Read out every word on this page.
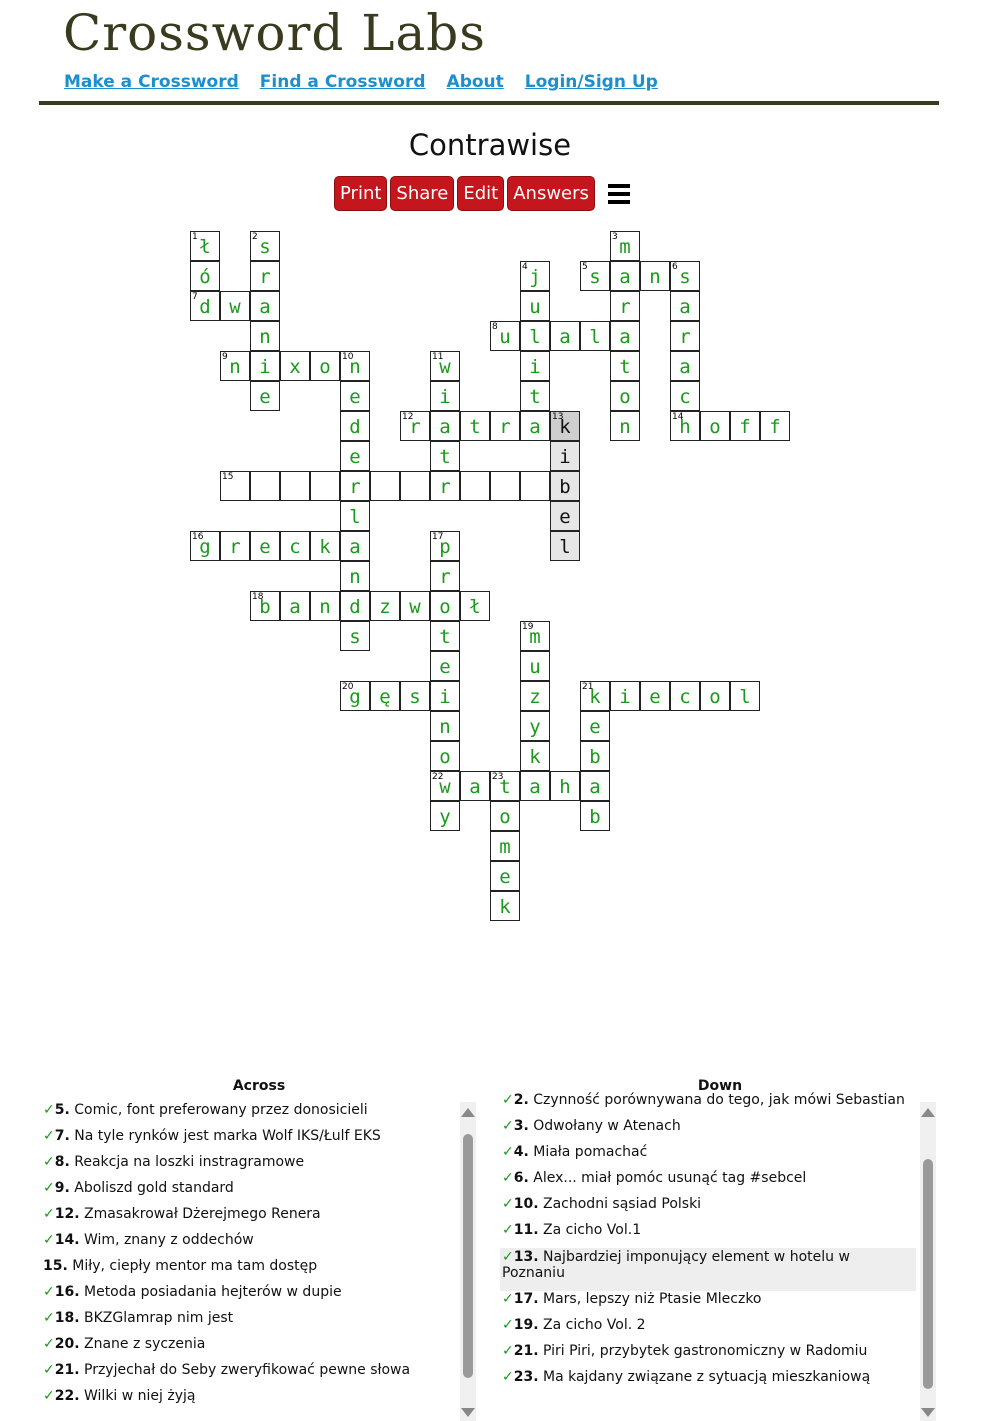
Crossword Labs
Make a Crossword Find a Crossword About Login/Sign Up
Contrawise
Print Share Edit Answers
1 ł	2 s	3 m
ó	r	4 j	5 s a n	6 s
7 d w a	u	r	a
n	8 u l a l a	r
9 n i x o	10
n	11
w	i	t	a
e	e	i	t	o	c
d	12
r a t r a	13
k	n	14
h o f f
e	t	i
15	r	r	b
l	e
16
g r e c k a	17
p	l
n	r
18
b a n d z w o ł
s	t	19
m
e	u
20
g ę s i	z	21
k i e c o l
n	y	e
o	k	b
22
w a	23
t a h a
y	o	b
m
e
k
Across
✓5. Comic, font preferowany przez donosicieli
✓7. Na tyle rynków jest marka Wolf IKS/Łulf EKS
✓8. Reakcja na loszki instragramowe
✓9. Aboliszd gold standard
✓12. Zmasakrował Dżerejmego Renera
✓14. Wim, znany z oddechów
15. Miły, ciepły mentor ma tam dostęp
✓16. Metoda posiadania hejterów w dupie
✓18. BKZGlamrap nim jest
✓20. Znane z syczenia
✓21. Przyjechał do Seby zweryfikować pewne słowa
✓22. Wilki w niej żyją
Down
✓2. Czynność porównywana do tego, jak mówi Sebastian
✓3. Odwołany w Atenach
✓4. Miała pomachać
✓6. Alex... miał pomóc usunąć tag #sebcel
✓10. Zachodni sąsiad Polski
✓11. Za cicho Vol.1
✓13. Najbardziej imponujący element w hotelu w Poznaniu
✓17. Mars, lepszy niż Ptasie Mleczko
✓19. Za cicho Vol. 2
✓21. Piri Piri, przybytek gastronomiczny w Radomiu
✓23. Ma kajdany związane z sytuacją mieszkaniową
